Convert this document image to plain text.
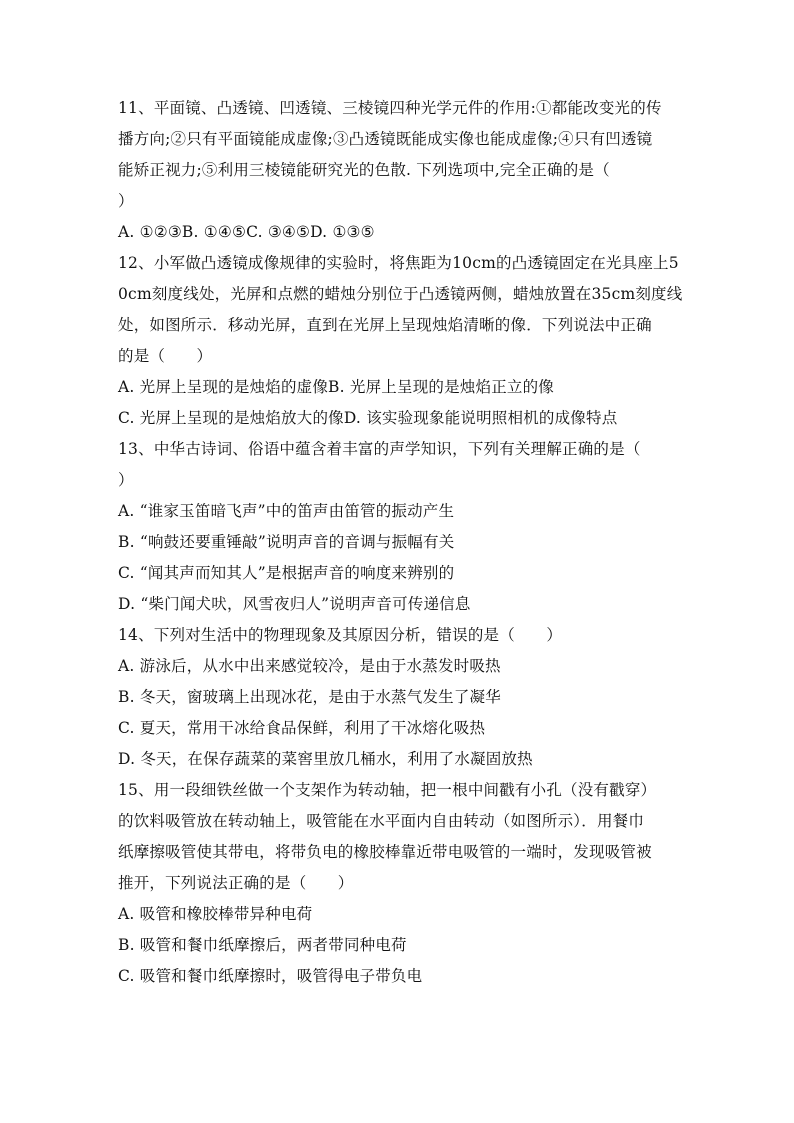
11、平面镜、凸透镜、凹透镜、三棱镜四种光学元件的作用:①都能改变光的传
播方向;②只有平面镜能成虚像;③凸透镜既能成实像也能成虚像;④只有凹透镜
能矫正视力;⑤利用三棱镜能研究光的色散. 下列选项中,完全正确的是（
）
A. ①②③B. ①④⑤C. ③④⑤D. ①③⑤
12、小军做凸透镜成像规律的实验时，将焦距为10cm的凸透镜固定在光具座上5
0cm刻度线处，光屏和点燃的蜡烛分别位于凸透镜两侧，蜡烛放置在35cm刻度线
处，如图所示．移动光屏，直到在光屏上呈现烛焰清晰的像．下列说法中正确
的是（　　）
A. 光屏上呈现的是烛焰的虚像B. 光屏上呈现的是烛焰正立的像
C. 光屏上呈现的是烛焰放大的像D. 该实验现象能说明照相机的成像特点
13、中华古诗词、俗语中蕴含着丰富的声学知识，下列有关理解正确的是（
）
A. “谁家玉笛暗飞声”中的笛声由笛管的振动产生
B. “响鼓还要重锤敲”说明声音的音调与振幅有关
C. “闻其声而知其人”是根据声音的响度来辨别的
D. “柴门闻犬吠，风雪夜归人”说明声音可传递信息
14、下列对生活中的物理现象及其原因分析，错误的是（　　）
A. 游泳后，从水中出来感觉较冷，是由于水蒸发时吸热
B. 冬天，窗玻璃上出现冰花，是由于水蒸气发生了凝华
C. 夏天，常用干冰给食品保鲜，利用了干冰熔化吸热
D. 冬天，在保存蔬菜的菜窖里放几桶水，利用了水凝固放热
15、用一段细铁丝做一个支架作为转动轴，把一根中间戳有小孔（没有戳穿）
的饮料吸管放在转动轴上，吸管能在水平面内自由转动（如图所示）．用餐巾
纸摩擦吸管使其带电，将带负电的橡胶棒靠近带电吸管的一端时，发现吸管被
推开，下列说法正确的是（　　）
A. 吸管和橡胶棒带异种电荷
B. 吸管和餐巾纸摩擦后，两者带同种电荷
C. 吸管和餐巾纸摩擦时，吸管得电子带负电
